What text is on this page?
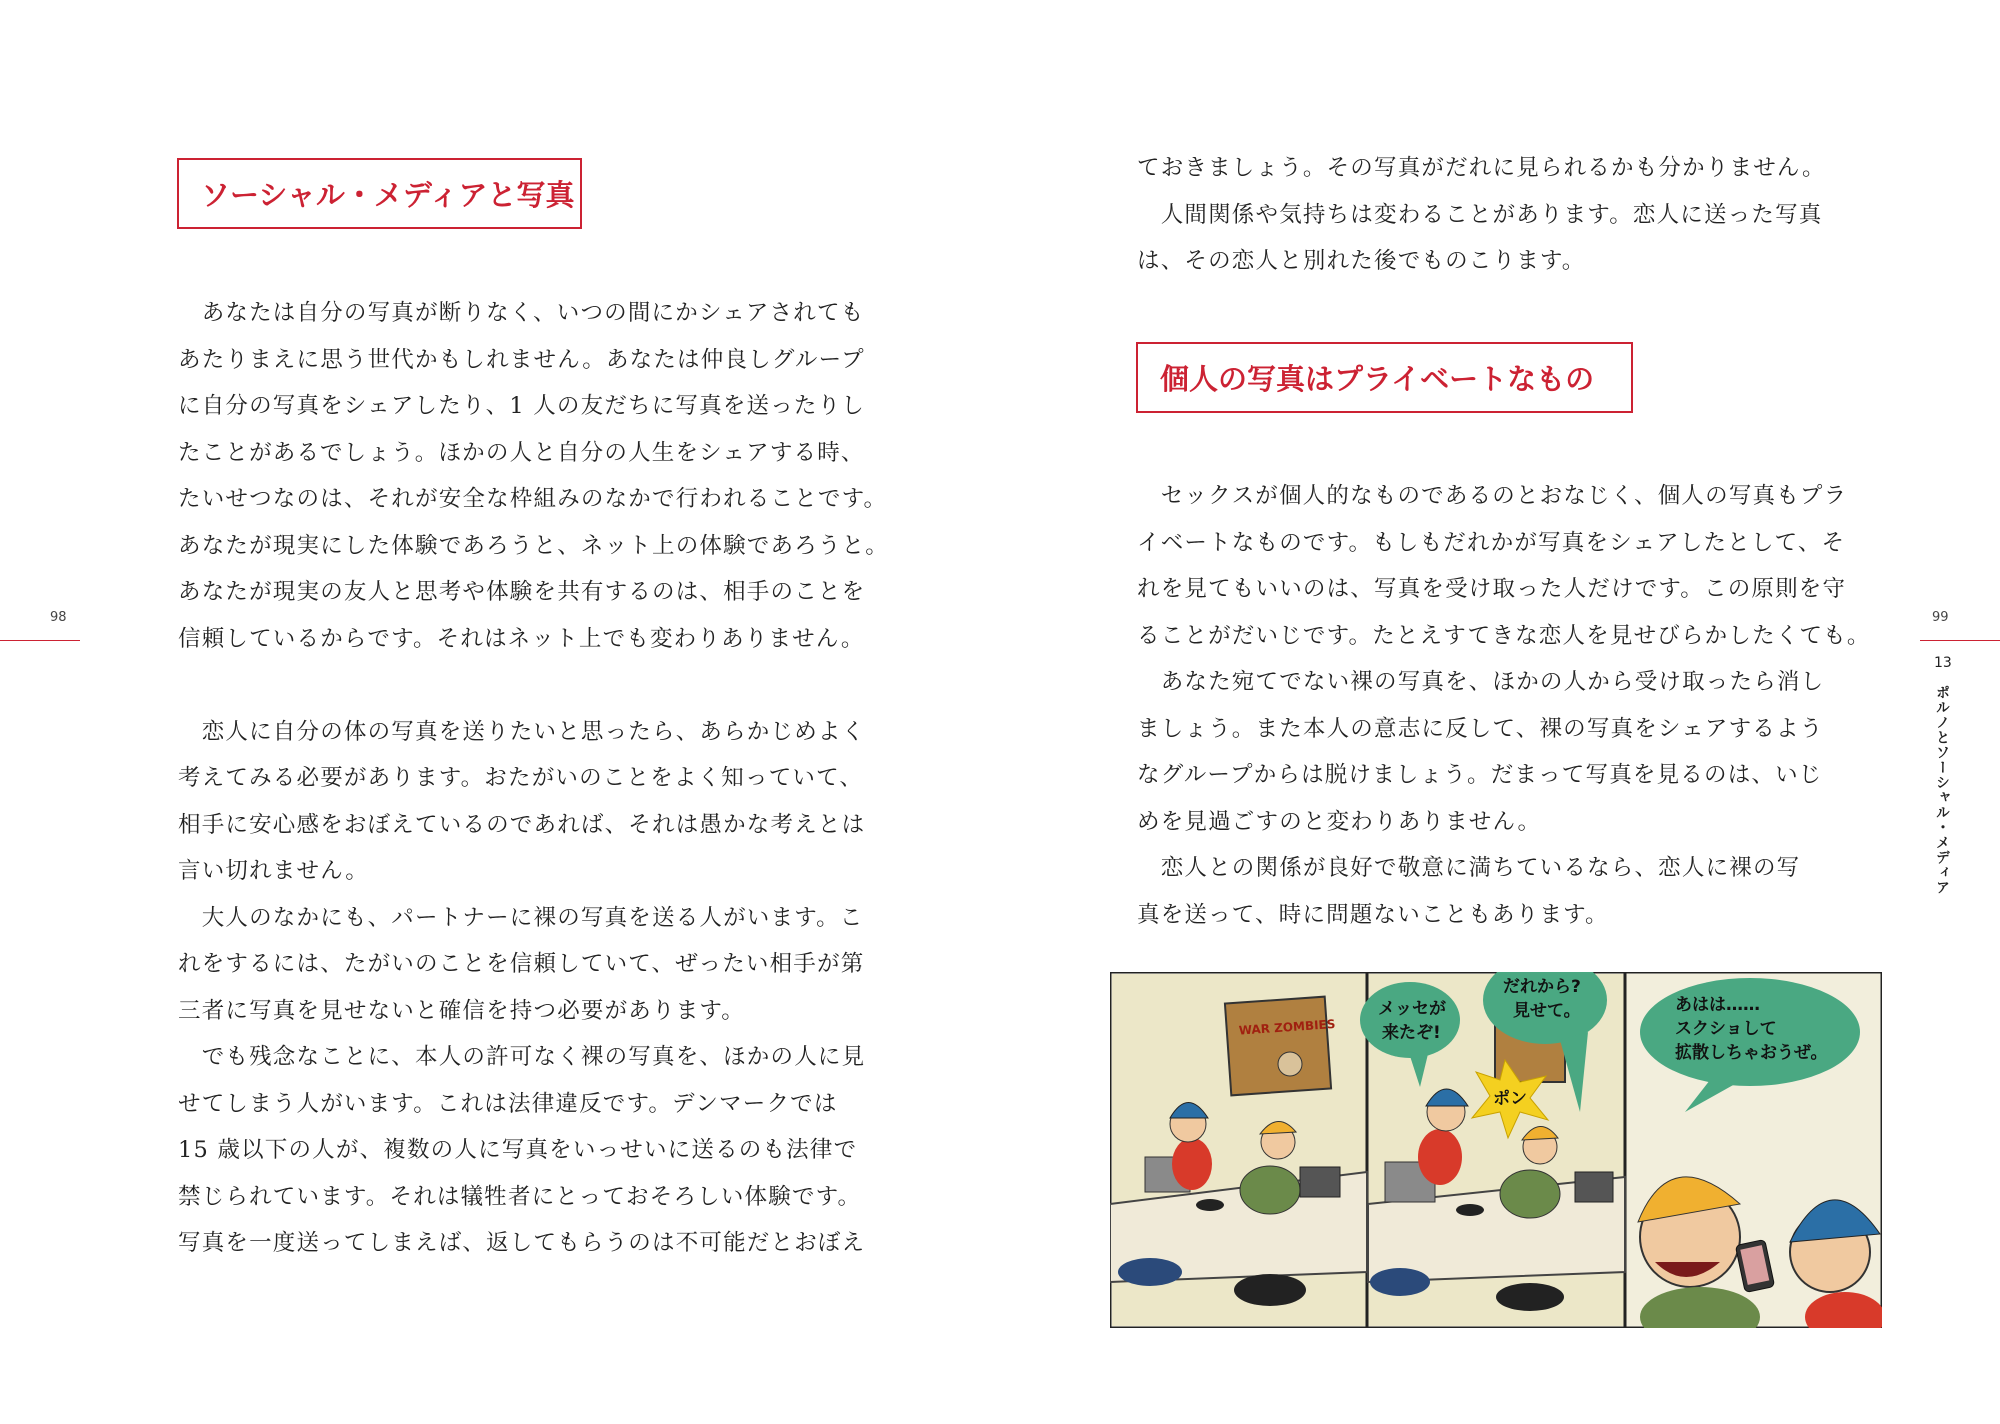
ソーシャル・メディアと写真

　あなたは自分の写真が断りなく、いつの間にかシェアされても

あたりまえに思う世代かもしれません。あなたは仲良しグループ

に自分の写真をシェアしたり、1 人の友だちに写真を送ったりし

たことがあるでしょう。ほかの人と自分の人生をシェアする時、

たいせつなのは、それが安全な枠組みのなかで行われることです。

あなたが現実にした体験であろうと、ネット上の体験であろうと。

あなたが現実の友人と思考や体験を共有するのは、相手のことを

信頼しているからです。それはネット上でも変わりありません。

　恋人に自分の体の写真を送りたいと思ったら、あらかじめよく

考えてみる必要があります。おたがいのことをよく知っていて、

相手に安心感をおぼえているのであれば、それは愚かな考えとは

言い切れません。

　大人のなかにも、パートナーに裸の写真を送る人がいます。こ

れをするには、たがいのことを信頼していて、ぜったい相手が第

三者に写真を見せないと確信を持つ必要があります。

　でも残念なことに、本人の許可なく裸の写真を、ほかの人に見

せてしまう人がいます。これは法律違反です。デンマークでは

15 歳以下の人が、複数の人に写真をいっせいに送るのも法律で

禁じられています。それは犠牲者にとっておそろしい体験です。

写真を一度送ってしまえば、返してもらうのは不可能だとおぼえ

98

ておきましょう。その写真がだれに見られるかも分かりません。

　人間関係や気持ちは変わることがあります。恋人に送った写真

は、その恋人と別れた後でものこります。

個人の写真はプライベートなもの

　セックスが個人的なものであるのとおなじく、個人の写真もプラ

イベートなものです。もしもだれかが写真をシェアしたとして、そ

れを見てもいいのは、写真を受け取った人だけです。この原則を守

ることがだいじです。たとえすてきな恋人を見せびらかしたくても。

　あなた宛てでない裸の写真を、ほかの人から受け取ったら消し

ましょう。また本人の意志に反して、裸の写真をシェアするよう

なグループからは脱けましょう。だまって写真を見るのは、いじ

めを見過ごすのと変わりありません。

　恋人との関係が良好で敬意に満ちているなら、恋人に裸の写

真を送って、時に問題ないこともあります。

99
13
ポルノとソーシャル・メディア
WAR ZOMBIES
ポン
メッセが
来たぞ!
だれから?
見せて。	あはは……
スクショして
拡散しちゃおうぜ。
